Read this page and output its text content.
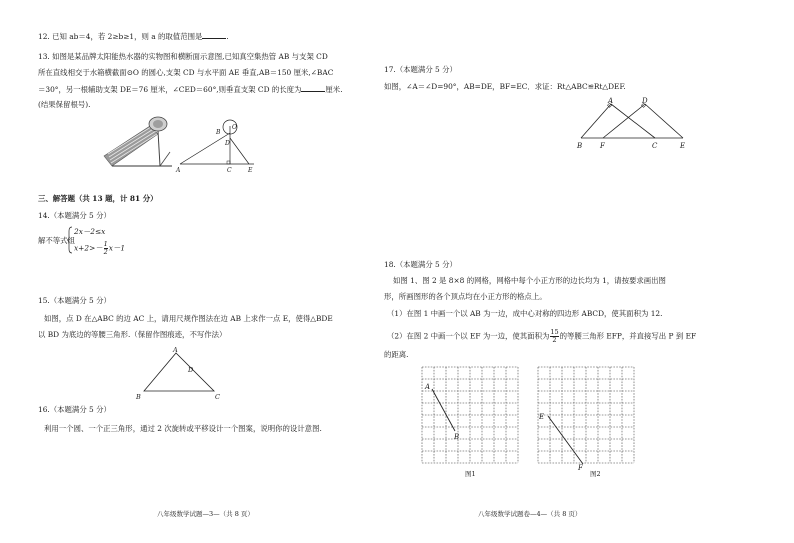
12. 已知 ab＝4，若 2≥b≥1，则 a 的取值范围是	.
13. 如图是某品牌太阳能热水器的实物图和横断面示意图,已知真空集热管 AB 与支架 CD
所在直线相交于水箱横截面⊙O 的圆心,支架 CD 与水平面 AE 垂直,AB＝150 厘米,∠BAC
＝30°，另一根辅助支架 DE＝76 厘米，∠CED＝60°,则垂直支架 CD 的长度为	厘米.
(结果保留根号).
O
B
D
A	C	E
三、解答题（共 13 题，计 81 分）
14.（本题满分 5 分）
解不等式组
2x－2≤x
$x+2>- \frac{1}{2} x-1$
15.（本题满分 5 分）
如图，点 D 在△ABC 的边 AC 上，请用尺规作图法在边 AB 上求作一点 E，使得△BDE
以 BD 为底边的等腰三角形.（保留作图痕迹，不写作法）
A
D
B	C
16.（本题满分 5 分）
利用一个圆、一个正三角形，通过 2 次旋转或平移设计一个图案，说明你的设计意图.
八年级数学试题—3—（共 8 页）
17.（本题满分 5 分）
如图，∠A＝∠D=90°，AB=DE，BF=EC．求证：Rt△ABC≌Rt△DEF.
A	D
B	F	C	E
18.（本题满分 5 分）
如图 1、图 2 是 8×8 的网格，网格中每个小正方形的边长均为 1，请按要求画出图
形，所画图形的各个顶点均在小正方形的格点上。
（1）在图 1 中画一个以 AB 为一边，成中心对称的四边形 ABCD，使其面积为 12.
（2）在图 2 中画一个以 EF 为一边，使其面积为 $\frac{15}{2}$ 的等腰三角形 EFP，并直接写出 P 到 EF
的距离.
A
B
图1
E
F
图2
八年级数学试题卷—4—（共 8 页）
